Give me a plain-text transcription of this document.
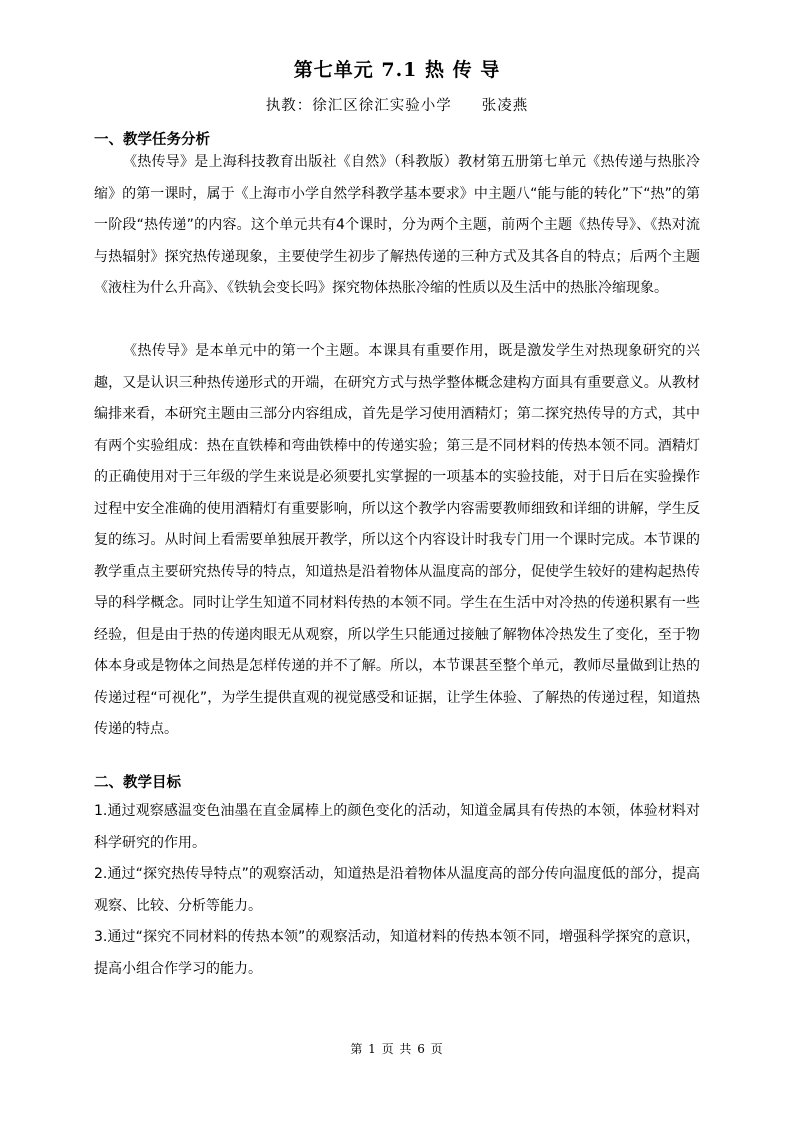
第七单元 7.1 热 传 导
执教：徐汇区徐汇实验小学 张凌燕
一、教学任务分析
《热传导》是上海科技教育出版社《自然》（科教版）教材第五册第七单元《热传递与热胀冷缩》的第一课时，属于《上海市小学自然学科教学基本要求》中主题八“能与能的转化”下“热”的第一阶段“热传递”的内容。这个单元共有4个课时，分为两个主题，前两个主题《热传导》、《热对流与热辐射》探究热传递现象，主要使学生初步了解热传递的三种方式及其各自的特点；后两个主题《液柱为什么升高》、《铁轨会变长吗》探究物体热胀冷缩的性质以及生活中的热胀冷缩现象。
《热传导》是本单元中的第一个主题。本课具有重要作用，既是激发学生对热现象研究的兴趣，又是认识三种热传递形式的开端，在研究方式与热学整体概念建构方面具有重要意义。从教材编排来看，本研究主题由三部分内容组成，首先是学习使用酒精灯；第二探究热传导的方式，其中有两个实验组成：热在直铁棒和弯曲铁棒中的传递实验；第三是不同材料的传热本领不同。酒精灯的正确使用对于三年级的学生来说是必须要扎实掌握的一项基本的实验技能，对于日后在实验操作过程中安全准确的使用酒精灯有重要影响，所以这个教学内容需要教师细致和详细的讲解，学生反复的练习。从时间上看需要单独展开教学，所以这个内容设计时我专门用一个课时完成。本节课的教学重点主要研究热传导的特点，知道热是沿着物体从温度高的部分，促使学生较好的建构起热传导的科学概念。同时让学生知道不同材料传热的本领不同。学生在生活中对冷热的传递积累有一些经验，但是由于热的传递肉眼无从观察，所以学生只能通过接触了解物体冷热发生了变化，至于物体本身或是物体之间热是怎样传递的并不了解。所以，本节课甚至整个单元，教师尽量做到让热的传递过程“可视化”，为学生提供直观的视觉感受和证据，让学生体验、了解热的传递过程，知道热传递的特点。
二、教学目标
1.通过观察感温变色油墨在直金属棒上的颜色变化的活动，知道金属具有传热的本领，体验材料对科学研究的作用。
2.通过“探究热传导特点”的观察活动，知道热是沿着物体从温度高的部分传向温度低的部分，提高观察、比较、分析等能力。
3.通过“探究不同材料的传热本领”的观察活动，知道材料的传热本领不同，增强科学探究的意识，提高小组合作学习的能力。
第 1 页 共 6 页
